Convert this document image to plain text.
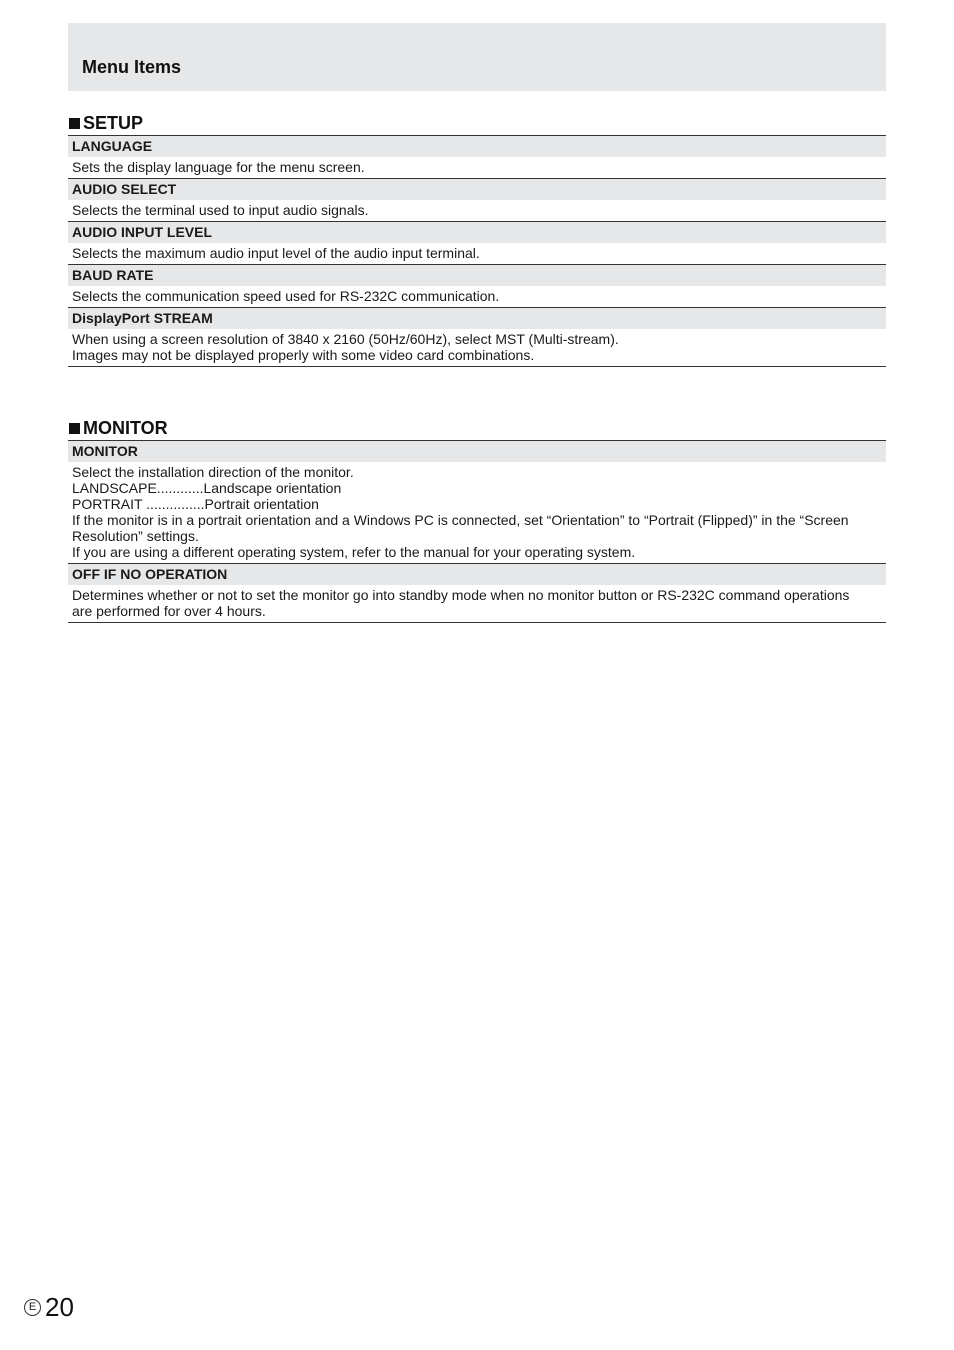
Menu Items
SETUP
LANGUAGE
Sets the display language for the menu screen.
AUDIO SELECT
Selects the terminal used to input audio signals.
AUDIO INPUT LEVEL
Selects the maximum audio input level of the audio input terminal.
BAUD RATE
Selects the communication speed used for RS-232C communication.
DisplayPort STREAM
When using a screen resolution of 3840 x 2160 (50Hz/60Hz), select MST (Multi-stream).
Images may not be displayed properly with some video card combinations.
MONITOR
MONITOR
Select the installation direction of the monitor.
LANDSCAPE............Landscape orientation
PORTRAIT ...............Portrait orientation
If the monitor is in a portrait orientation and a Windows PC is connected, set “Orientation” to “Portrait (Flipped)” in the “Screen
Resolution” settings.
If you are using a different operating system, refer to the manual for your operating system.
OFF IF NO OPERATION
Determines whether or not to set the monitor go into standby mode when no monitor button or RS-232C command operations
are performed for over 4 hours.
E 20
